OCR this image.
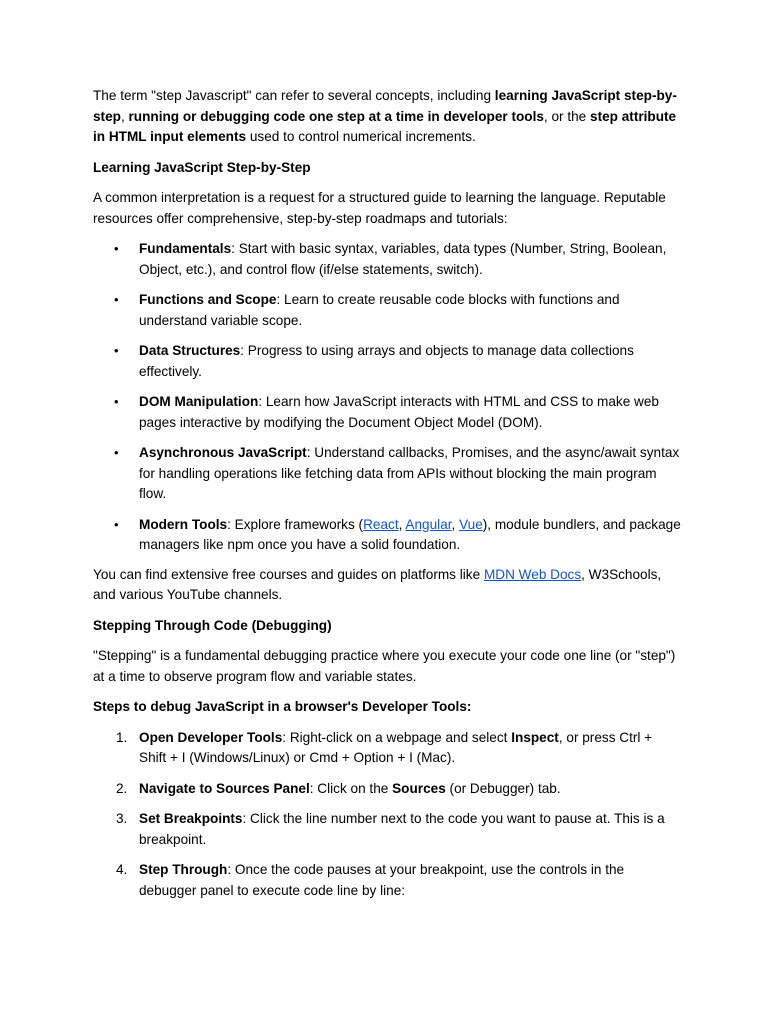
The term "step Javascript" can refer to several concepts, including learning JavaScript step-by-step, running or debugging code one step at a time in developer tools, or the step attribute in HTML input elements used to control numerical increments.

Learning JavaScript Step-by-Step

A common interpretation is a request for a structured guide to learning the language. Reputable resources offer comprehensive, step-by-step roadmaps and tutorials:

• Fundamentals: Start with basic syntax, variables, data types (Number, String, Boolean, Object, etc.), and control flow (if/else statements, switch).
• Functions and Scope: Learn to create reusable code blocks with functions and understand variable scope.
• Data Structures: Progress to using arrays and objects to manage data collections effectively.
• DOM Manipulation: Learn how JavaScript interacts with HTML and CSS to make web pages interactive by modifying the Document Object Model (DOM).
• Asynchronous JavaScript: Understand callbacks, Promises, and the async/await syntax for handling operations like fetching data from APIs without blocking the main program flow.
• Modern Tools: Explore frameworks (React, Angular, Vue), module bundlers, and package managers like npm once you have a solid foundation.

You can find extensive free courses and guides on platforms like MDN Web Docs, W3Schools, and various YouTube channels.

Stepping Through Code (Debugging)

"Stepping" is a fundamental debugging practice where you execute your code one line (or "step") at a time to observe program flow and variable states.

Steps to debug JavaScript in a browser's Developer Tools:
1. Open Developer Tools: Right-click on a webpage and select Inspect, or press Ctrl + Shift + I (Windows/Linux) or Cmd + Option + I (Mac).
2. Navigate to Sources Panel: Click on the Sources (or Debugger) tab.
3. Set Breakpoints: Click the line number next to the code you want to pause at. This is a breakpoint.
4. Step Through: Once the code pauses at your breakpoint, use the controls in the debugger panel to execute code line by line:
